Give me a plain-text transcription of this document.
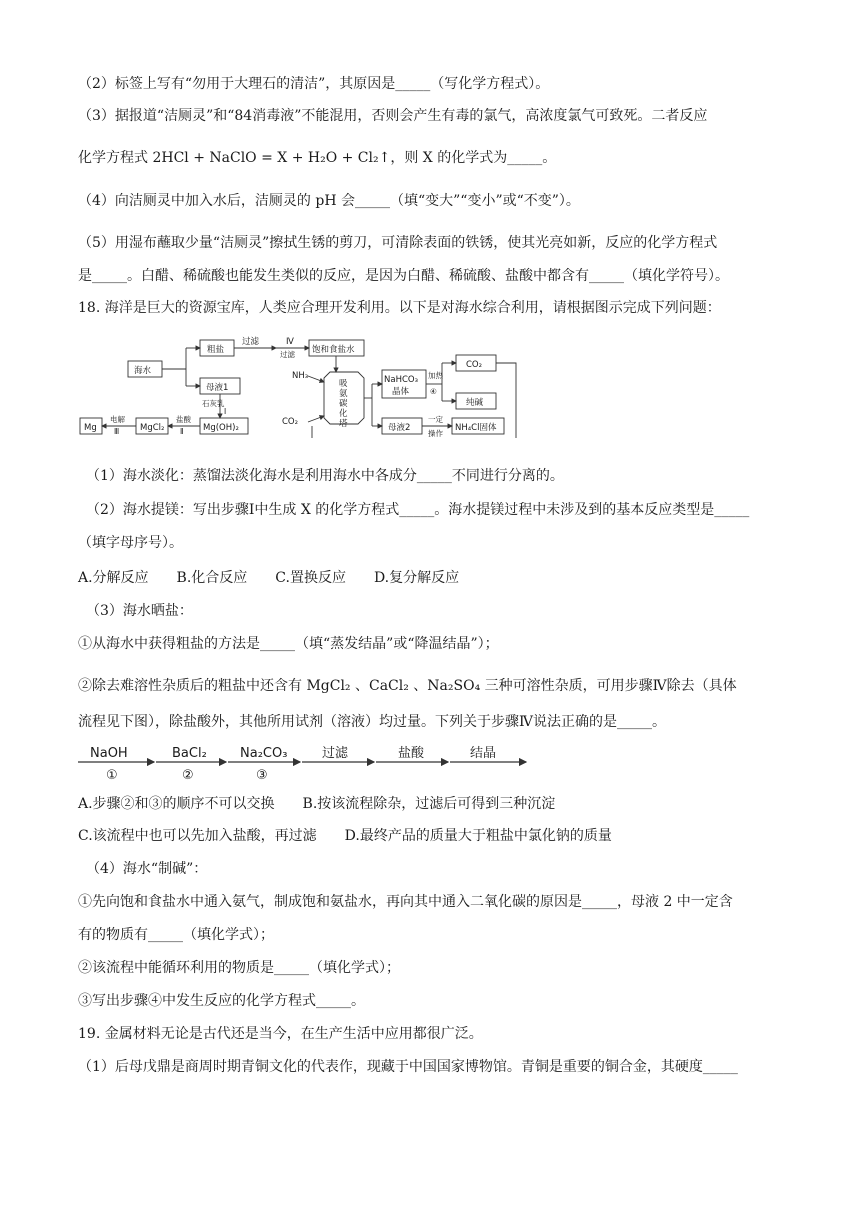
（2）标签上写有“勿用于大理石的清洁”，其原因是_____（写化学方程式）。
（3）据报道“洁厕灵”和“84消毒液”不能混用，否则会产生有毒的氯气，高浓度氯气可致死。二者反应
化学方程式 2HCl + NaClO = X + H₂O + Cl₂↑，则 X 的化学式为_____。
（4）向洁厕灵中加入水后，洁厕灵的 pH 会_____（填“变大”“变小”或“不变”）。
（5）用湿布蘸取少量“洁厕灵”擦拭生锈的剪刀，可清除表面的铁锈，使其光亮如新，反应的化学方程式
是_____。白醋、稀硫酸也能发生类似的反应，是因为白醋、稀硫酸、盐酸中都含有_____（填化学符号）。
18. 海洋是巨大的资源宝库，人类应合理开发利用。以下是对海水综合利用，请根据图示完成下列问题：
海水
粗盐
过滤	Ⅳ
过滤 饱和食盐水
母液1
石灰乳
Ⅰ
Mg(OH)₂
盐酸
Ⅱ
MgCl₂
电解
Ⅲ
Mg
NH₃
吸
氨
碳
化
塔
CO₂
NaHCO₃
晶体
加热
④
CO₂
纯碱
母液2
一定
操作
NH₄Cl固体
（1）海水淡化：蒸馏法淡化海水是利用海水中各成分_____不同进行分离的。
（2）海水提镁：写出步骤Ⅰ中生成 X 的化学方程式_____。海水提镁过程中未涉及到的基本反应类型是_____
（填字母序号）。
A.分解反应　　B.化合反应　　C.置换反应　　D.复分解反应
（3）海水晒盐：
①从海水中获得粗盐的方法是_____（填“蒸发结晶”或“降温结晶”）；
②除去难溶性杂质后的粗盐中还含有 MgCl₂ 、CaCl₂ 、Na₂SO₄ 三种可溶性杂质，可用步骤Ⅳ除去（具体
流程见下图），除盐酸外，其他所用试剂（溶液）均过量。下列关于步骤Ⅳ说法正确的是_____。
NaOH	BaCl₂	Na₂CO₃	过滤	盐酸	结晶
①	②	③
A.步骤②和③的顺序不可以交换　　B.按该流程除杂，过滤后可得到三种沉淀
C.该流程中也可以先加入盐酸，再过滤　　D.最终产品的质量大于粗盐中氯化钠的质量
（4）海水“制碱”：
①先向饱和食盐水中通入氨气，制成饱和氨盐水，再向其中通入二氧化碳的原因是_____，母液 2 中一定含
有的物质有_____（填化学式）；
②该流程中能循环利用的物质是_____（填化学式）；
③写出步骤④中发生反应的化学方程式_____。
19. 金属材料无论是古代还是当今，在生产生活中应用都很广泛。
（1）后母戊鼎是商周时期青铜文化的代表作，现藏于中国国家博物馆。青铜是重要的铜合金，其硬度_____
